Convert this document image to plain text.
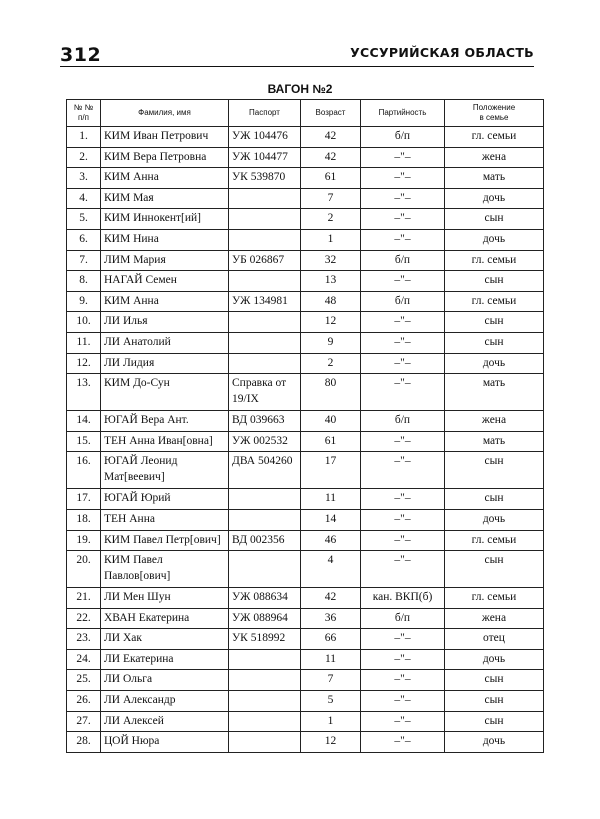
312	УССУРИЙСКАЯ ОБЛАСТЬ
ВАГОН №2
№ №
п/п	Фамилия, имя	Паспорт	Возраст	Партийность	Положение
в семье
1.	КИМ Иван Петрович	УЖ 104476	42	б/п	гл. семьи
2.	КИМ Вера Петровна	УЖ 104477	42	–"–	жена
3.	КИМ Анна	УК 539870	61	–"–	мать
4.	КИМ Мая		7	–"–	дочь
5.	КИМ Иннокент[ий]		2	–"–	сын
6.	КИМ Нина		1	–"–	дочь
7.	ЛИМ Мария	УБ 026867	32	б/п	гл. семьи
8.	НАГАЙ Семен		13	–"–	сын
9.	КИМ Анна	УЖ 134981	48	б/п	гл. семьи
10.	ЛИ Илья		12	–"–	сын
11.	ЛИ Анатолий		9	–"–	сын
12.	ЛИ Лидия		2	–"–	дочь
13.	КИМ До-Сун	Справка от 19/IX	80	–"–	мать
14.	ЮГАЙ Вера Ант.	ВД 039663	40	б/п	жена
15.	ТЕН Анна Иван[овна]	УЖ 002532	61	–"–	мать
16.	ЮГАЙ Леонид Мат[веевич]	ДВА 504260	17	–"–	сын
17.	ЮГАЙ Юрий		11	–"–	сын
18.	ТЕН Анна		14	–"–	дочь
19.	КИМ Павел Петр[ович]	ВД 002356	46	–"–	гл. семьи
20.	КИМ Павел Павлов[ович]		4	–"–	сын
21.	ЛИ Мен Шун	УЖ 088634	42	кан. ВКП(б)	гл. семьи
22.	ХВАН Екатерина	УЖ 088964	36	б/п	жена
23.	ЛИ Хак	УК 518992	66	–"–	отец
24.	ЛИ Екатерина		11	–"–	дочь
25.	ЛИ Ольга		7	–"–	сын
26.	ЛИ Александр		5	–"–	сын
27.	ЛИ Алексей		1	–"–	сын
28.	ЦОЙ Нюра		12	–"–	дочь
